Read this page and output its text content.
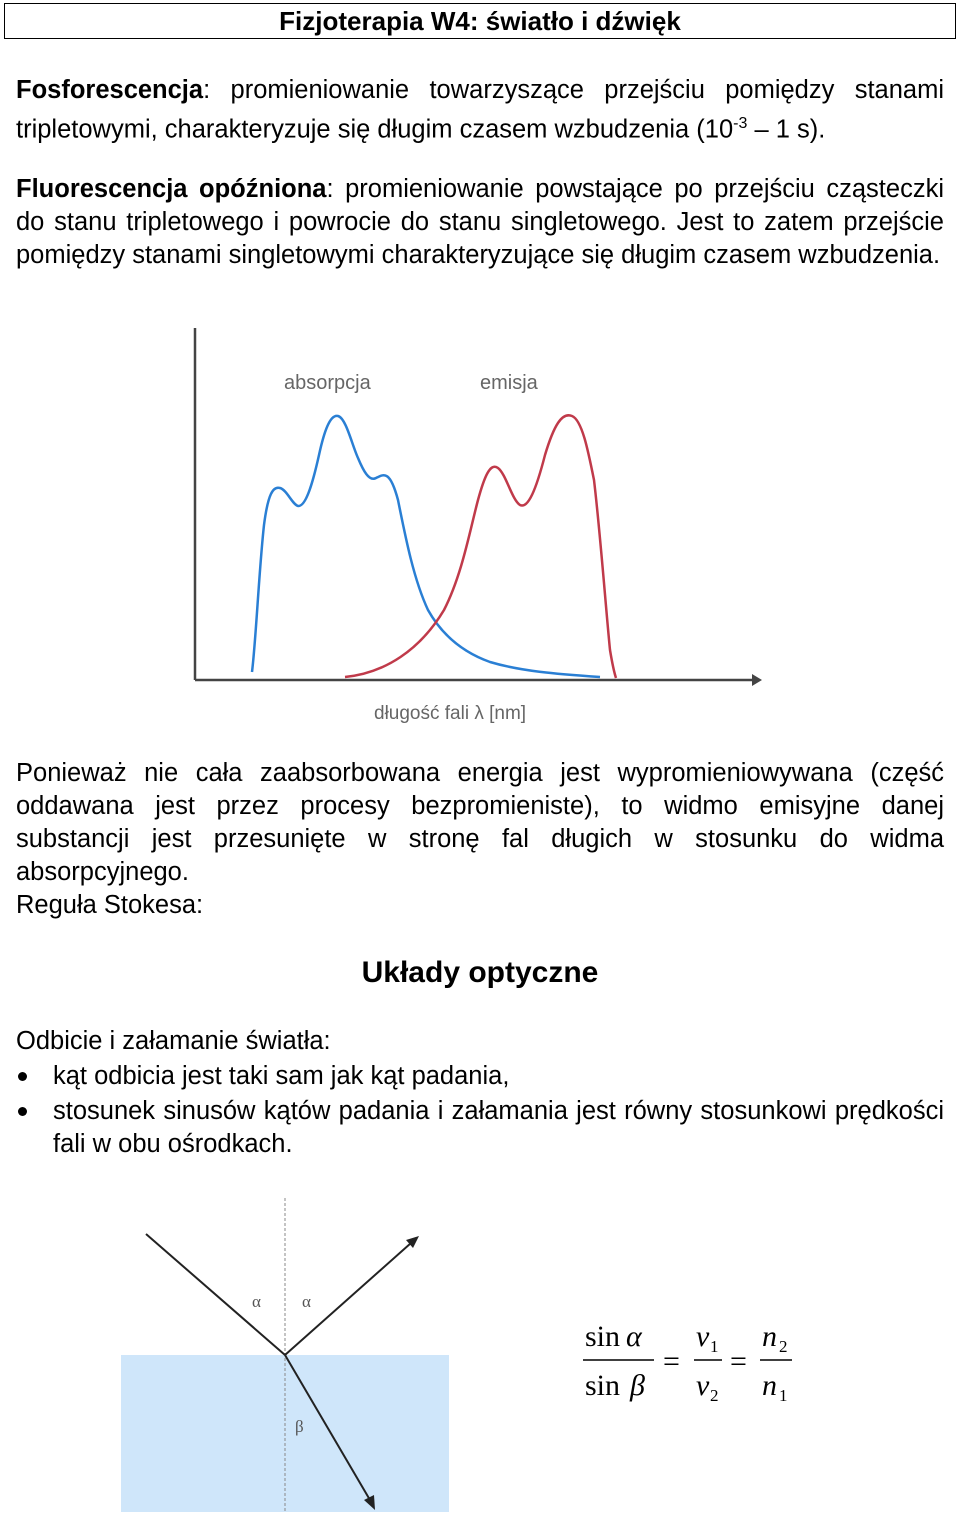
Fizjoterapia W4: światło i dźwięk

Fosforescencja: promieniowanie towarzyszące przejściu pomiędzy stanami tripletowymi, charakteryzuje się długim czasem wzbudzenia ($10^{-3} - 1$ s).

Fluorescencja opóźniona: promieniowanie powstające po przejściu cząsteczki do stanu tripletowego i powrocie do stanu singletowego. Jest to zatem przejście pomiędzy stanami singletowymi charakteryzujące się długim czasem wzbudzenia.

absorpcja	emisja
długość fali λ [nm]

Ponieważ nie cała zaabsorbowana energia jest wypromieniowywana (część oddawana jest przez procesy bezpromieniste), to widmo emisyjne danej substancji jest przesunięte w stronę fal długich w stosunku do widma absorpcyjnego.

Reguła Stokesa:

Układy optyczne

Odbicie i załamanie światła:

kąt odbicia jest taki sam jak kąt padania,
stosunek sinusów kątów padania i załamania jest równy stosunkowi prędkości fali w obu ośrodkach.
α α
β
sin α
sin β
=
v 1
v 2
=
n 2
n 1
